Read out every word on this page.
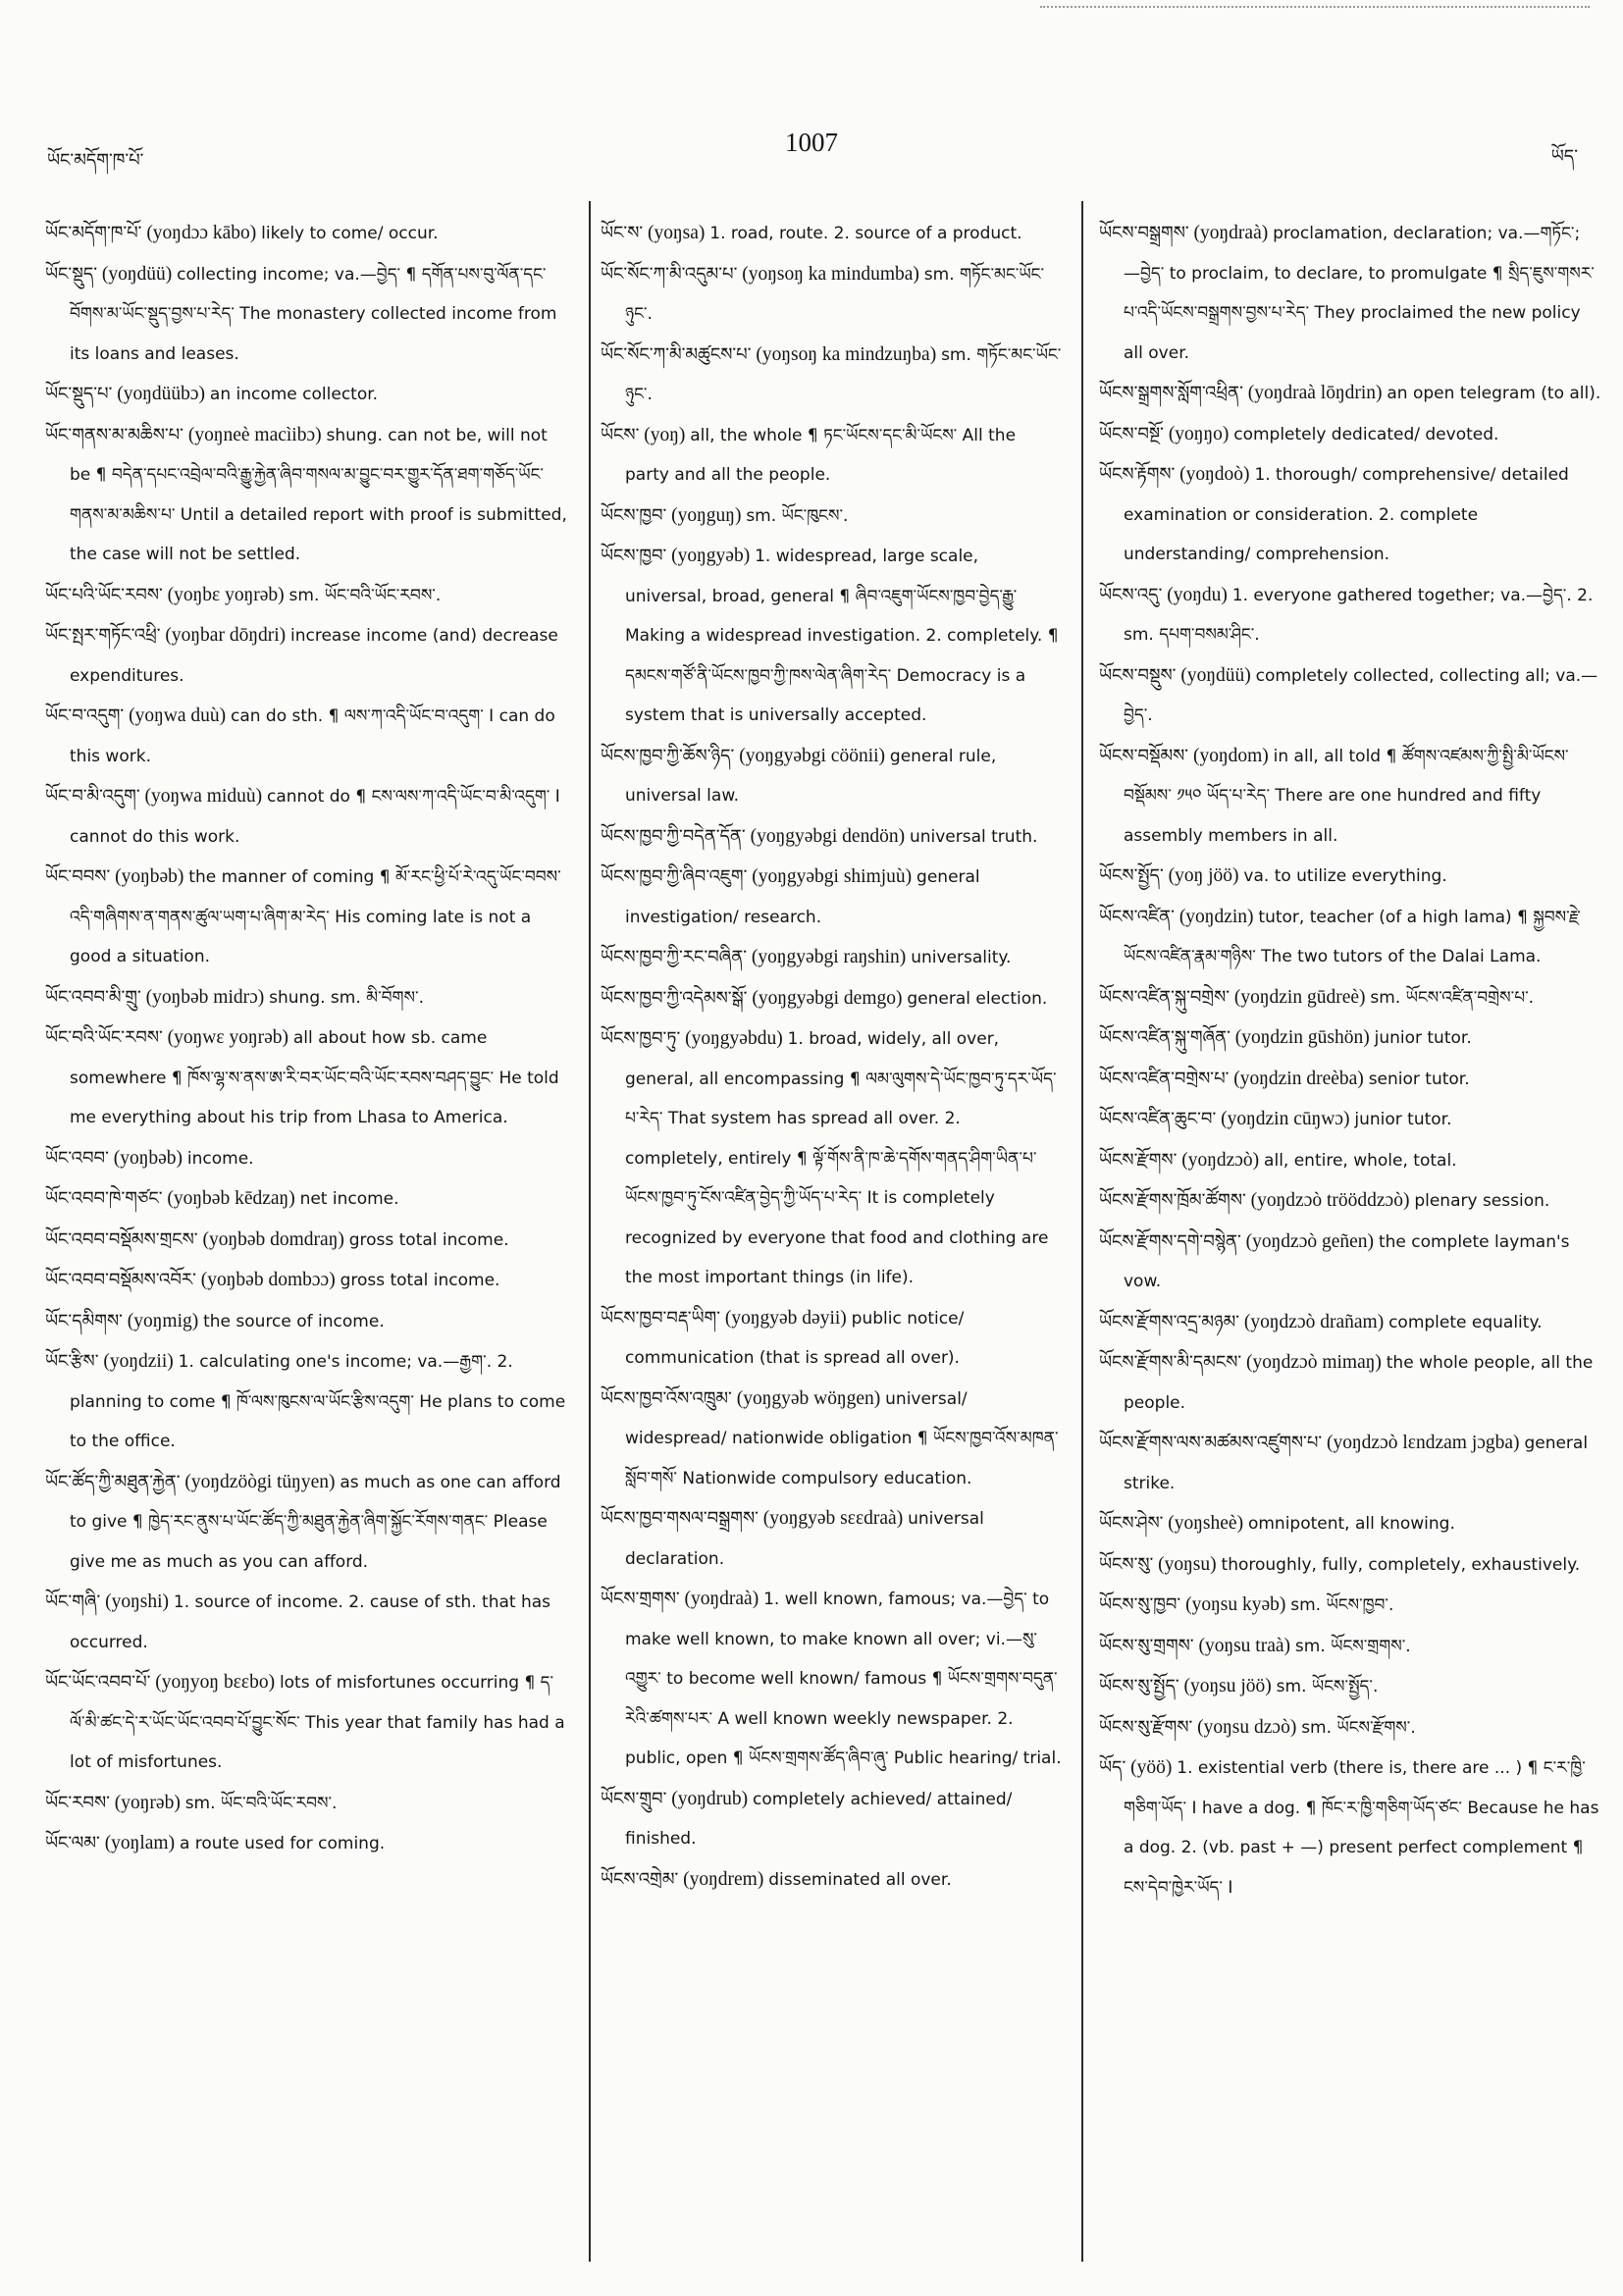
ཡོང་མདོག་ཁ་པོ་
1007	ཡོད་

ཡོང་མདོག་ཁ་པོ་ (yoŋdɔɔ kābo) likely to come/ occur.

ཡོང་སྡུད་ (yoŋdüü) collecting income; va.—བྱེད་ ¶ དགོན་པས་བུ་ལོན་དང་བོགས་མ་ཡོང་སྡུད་བྱས་པ་རེད་ The monastery collected income from its loans and leases.

ཡོང་སྡུད་པ་ (yoŋdüübɔ) an income collector.

ཡོང་གནས་མ་མཆིས་པ་ (yoŋneè macìibɔ) shung. can not be, will not be ¶ བདེན་དཔང་འབྲེལ་བའི་རྒྱུ་རྐྱེན་ཞིབ་གསལ་མ་བྱུང་བར་གྱུར་དོན་ཐག་གཅོད་ཡོང་གནས་མ་མཆིས་པ་ Until a detailed report with proof is submitted, the case will not be settled.

ཡོང་པའི་ཡོང་རབས་ (yoŋbɛ yoŋrəb) sm. ཡོང་བའི་ཡོང་རབས་.

ཡོང་སྤར་གཏོང་འཕྲི་ (yoŋbar dōŋdri) increase income (and) decrease expenditures.

ཡོང་བ་འདུག་ (yoŋwa duù) can do sth. ¶ ལས་ཀ་འདི་ཡོང་བ་འདུག་ I can do this work.

ཡོང་བ་མི་འདུག་ (yoŋwa miduù) cannot do ¶ ངས་ལས་ཀ་འདི་ཡོང་བ་མི་འདུག་ I cannot do this work.

ཡོང་བབས་ (yoŋbəb) the manner of coming ¶ མོ་རང་ཕྱི་པོ་རེ་འདུ་ཡོང་བབས་འདི་གཞིགས་ན་གནས་ཚུལ་ཡག་པ་ཞིག་མ་རེད་ His coming late is not a good a situation.

ཡོང་འབབ་མི་གྲུ་ (yoŋbəb midrɔ) shung. sm. མི་བོགས་.

ཡོང་བའི་ཡོང་རབས་ (yoŋwɛ yoŋrəb) all about how sb. came somewhere ¶ ཁོས་ལྷ་ས་ནས་ཨ་རི་བར་ཡོང་བའི་ཡོང་རབས་བཤད་བྱུང་ He told me everything about his trip from Lhasa to America.

ཡོང་འབབ་ (yoŋbəb) income.

ཡོང་འབབ་ཁེ་གཙང་ (yoŋbəb kēdzaŋ) net income.

ཡོང་འབབ་བསྡོམས་གྲངས་ (yoŋbəb domdraŋ) gross total income.

ཡོང་འབབ་བསྡོམས་འབོར་ (yoŋbəb dombɔɔ) gross total income.

ཡོང་དམིགས་ (yoŋmig) the source of income.

ཡོང་རྩིས་ (yoŋdzii) 1. calculating one's income; va.—རྒྱག་. 2. planning to come ¶ ཁོ་ལས་ཁུངས་ལ་ཡོང་རྩིས་འདུག་ He plans to come to the office.

ཡོང་ཚོད་ཀྱི་མཐུན་རྐྱེན་ (yoŋdzöògi tüŋyen) as much as one can afford to give ¶ ཁྱེད་རང་ནུས་པ་ཡོང་ཚོད་ཀྱི་མཐུན་རྐྱེན་ཞིག་སྐྱོང་རོགས་གནང་ Please give me as much as you can afford.

ཡོང་གཞི་ (yoŋshi) 1. source of income. 2. cause of sth. that has occurred.

ཡོང་ཡོང་འབབ་པོ་ (yoŋyoŋ bɛɛbo) lots of misfortunes occurring ¶ ད་ལོ་མི་ཚང་དེ་ར་ཡོང་ཡོང་འབབ་པོ་བྱུང་སོང་ This year that family has had a lot of misfortunes.

ཡོང་རབས་ (yoŋrəb) sm. ཡོང་བའི་ཡོང་རབས་.

ཡོང་ལམ་ (yoŋlam) a route used for coming.

ཡོང་ས་ (yoŋsa) 1. road, route. 2. source of a product.

ཡོང་སོང་ཀ་མི་འདུམ་པ་ (yoŋsoŋ ka mindumba) sm. གཏོང་མང་ཡོང་ཉུང་.

ཡོང་སོང་ཀ་མི་མཚུངས་པ་ (yoŋsoŋ ka mindzuŋba) sm. གཏོང་མང་ཡོང་ཉུང་.

ཡོངས་ (yoŋ) all, the whole ¶ ཏང་ཡོངས་དང་མི་ཡོངས་ All the party and all the people.

ཡོངས་ཁྱབ་ (yoŋguŋ) sm. ཡོང་ཁུངས་.

ཡོངས་ཁྱབ་ (yoŋgyəb) 1. widespread, large scale, universal, broad, general ¶ ཞིབ་འཇུག་ཡོངས་ཁྱབ་བྱེད་རྒྱུ་ Making a widespread investigation. 2. completely. ¶ དམངས་གཙོ་ནི་ཡོངས་ཁྱབ་ཀྱི་ཁས་ལེན་ཞིག་རེད་ Democracy is a system that is universally accepted.

ཡོངས་ཁྱབ་ཀྱི་ཆོས་ཉིད་ (yoŋgyəbgi cöönii) general rule, universal law.

ཡོངས་ཁྱབ་ཀྱི་བདེན་དོན་ (yoŋgyəbgi dendön) universal truth.

ཡོངས་ཁྱབ་ཀྱི་ཞིབ་འཇུག་ (yoŋgyəbgi shimjuù) general investigation/ research.

ཡོངས་ཁྱབ་ཀྱི་རང་བཞིན་ (yoŋgyəbgi raŋshin) universality.

ཡོངས་ཁྱབ་ཀྱི་འདེམས་སྒོ་ (yoŋgyəbgi demgo) general election.

ཡོངས་ཁྱབ་ཏུ་ (yoŋgyəbdu) 1. broad, widely, all over, general, all encompassing ¶ ལམ་ལུགས་དེ་ཡོང་ཁྱབ་ཏུ་དར་ཡོད་པ་རེད་ That system has spread all over. 2. completely, entirely ¶ ལྟོ་གོས་ནི་ཁ་ཆེ་དགོས་གནད་ཤིག་ཡིན་པ་ཡོངས་ཁྱབ་ཏུ་ངོས་འཛིན་བྱེད་ཀྱི་ཡོད་པ་རེད་ It is completely recognized by everyone that food and clothing are the most important things (in life).

ཡོངས་ཁྱབ་བརྡ་ཡིག་ (yoŋgyəb dəyii) public notice/ communication (that is spread all over).

ཡོངས་ཁྱབ་འོས་འཁྲུམ་ (yoŋgyəb wöŋgen) universal/ widespread/ nationwide obligation ¶ ཡོངས་ཁྱབ་འོས་མཁན་སློབ་གསོ་ Nationwide compulsory education.

ཡོངས་ཁྱབ་གསལ་བསྒྲགས་ (yoŋgyəb sɛɛdraà) universal declaration.

ཡོངས་གྲགས་ (yoŋdraà) 1. well known, famous; va.—བྱེད་ to make well known, to make known all over; vi.—སུ་འགྱུར་ to become well known/ famous ¶ ཡོངས་གྲགས་བདུན་རེའི་ཚགས་པར་ A well known weekly newspaper. 2. public, open ¶ ཡོངས་གྲགས་ཚོད་ཞིབ་ཞུ་ Public hearing/ trial.

ཡོངས་གྲུབ་ (yoŋdrub) completely achieved/ attained/ finished.

ཡོངས་འགྲེམ་ (yoŋdrem) disseminated all over.

ཡོངས་བསྒྲགས་ (yoŋdraà) proclamation, declaration; va.—གཏོང་; —བྱེད་ to proclaim, to declare, to promulgate ¶ སྲིད་ཇུས་གསར་པ་འདི་ཡོངས་བསྒྲགས་བྱས་པ་རེད་ They proclaimed the new policy all over.

ཡོངས་སྒྲགས་སློག་འཕྲིན་ (yoŋdraà lōŋdrin) an open telegram (to all).

ཡོངས་བསྔོ་ (yoŋŋo) completely dedicated/ devoted.

ཡོངས་རྟོགས་ (yoŋdoò) 1. thorough/ comprehensive/ detailed examination or consideration. 2. complete understanding/ comprehension.

ཡོངས་འདུ་ (yoŋdu) 1. everyone gathered together; va.—བྱེད་. 2. sm. དཔག་བསམ་ཤིང་.

ཡོངས་བསྡུས་ (yoŋdüü) completely collected, collecting all; va.—བྱེད་.

ཡོངས་བསྡོམས་ (yoŋdom) in all, all told ¶ ཚོགས་འཛམས་ཀྱི་སྤྱི་མི་ཡོངས་བསྡོམས་ ༡༥༠ ཡོད་པ་རེད་ There are one hundred and fifty assembly members in all.

ཡོངས་སྤྱོད་ (yoŋ jöö) va. to utilize everything.

ཡོངས་འཛིན་ (yoŋdzin) tutor, teacher (of a high lama) ¶ སྐྱབས་རྗེ་ཡོངས་འཛིན་རྣམ་གཉིས་ The two tutors of the Dalai Lama.

ཡོངས་འཛིན་སྐུ་བགྲེས་ (yoŋdzin gūdreè) sm. ཡོངས་འཛིན་བགྲེས་པ་.

ཡོངས་འཛིན་སྐུ་གཞོན་ (yoŋdzin gūshön) junior tutor.

ཡོངས་འཛིན་བགྲེས་པ་ (yoŋdzin dreèba) senior tutor.

ཡོངས་འཛིན་ཆུང་བ་ (yoŋdzin cūŋwɔ) junior tutor.

ཡོངས་རྫོགས་ (yoŋdzɔò) all, entire, whole, total.

ཡོངས་རྫོགས་ཁྲོམ་ཚོགས་ (yoŋdzɔò trööddzɔò) plenary session.

ཡོངས་རྫོགས་དགེ་བསྙེན་ (yoŋdzɔò geñen) the complete layman's vow.

ཡོངས་རྫོགས་འདྲ་མཉམ་ (yoŋdzɔò drañam) complete equality.

ཡོངས་རྫོགས་མི་དམངས་ (yoŋdzɔò mimaŋ) the whole people, all the people.

ཡོངས་རྫོགས་ལས་མཚམས་འཛུགས་པ་ (yoŋdzɔò lɛndzam jɔgba) general strike.

ཡོངས་ཤེས་ (yoŋsheè) omnipotent, all knowing.

ཡོངས་སུ་ (yoŋsu) thoroughly, fully, completely, exhaustively.

ཡོངས་སུ་ཁྱབ་ (yoŋsu kyəb) sm. ཡོངས་ཁྱབ་.

ཡོངས་སུ་གྲགས་ (yoŋsu traà) sm. ཡོངས་གྲགས་.

ཡོངས་སུ་སྤྱོད་ (yoŋsu jöö) sm. ཡོངས་སྤྱོད་.

ཡོངས་སུ་རྫོགས་ (yoŋsu dzɔò) sm. ཡོངས་རྫོགས་.

ཡོད་ (yöö) 1. existential verb (there is, there are ... ) ¶ ང་ར་ཁྱི་གཅིག་ཡོད་ I have a dog. ¶ ཁོང་ར་ཁྱི་གཅིག་ཡོད་ཙང་ Because he has a dog. 2. (vb. past + —) present perfect complement ¶ ངས་དེབ་ཁྱེར་ཡོད་ I
